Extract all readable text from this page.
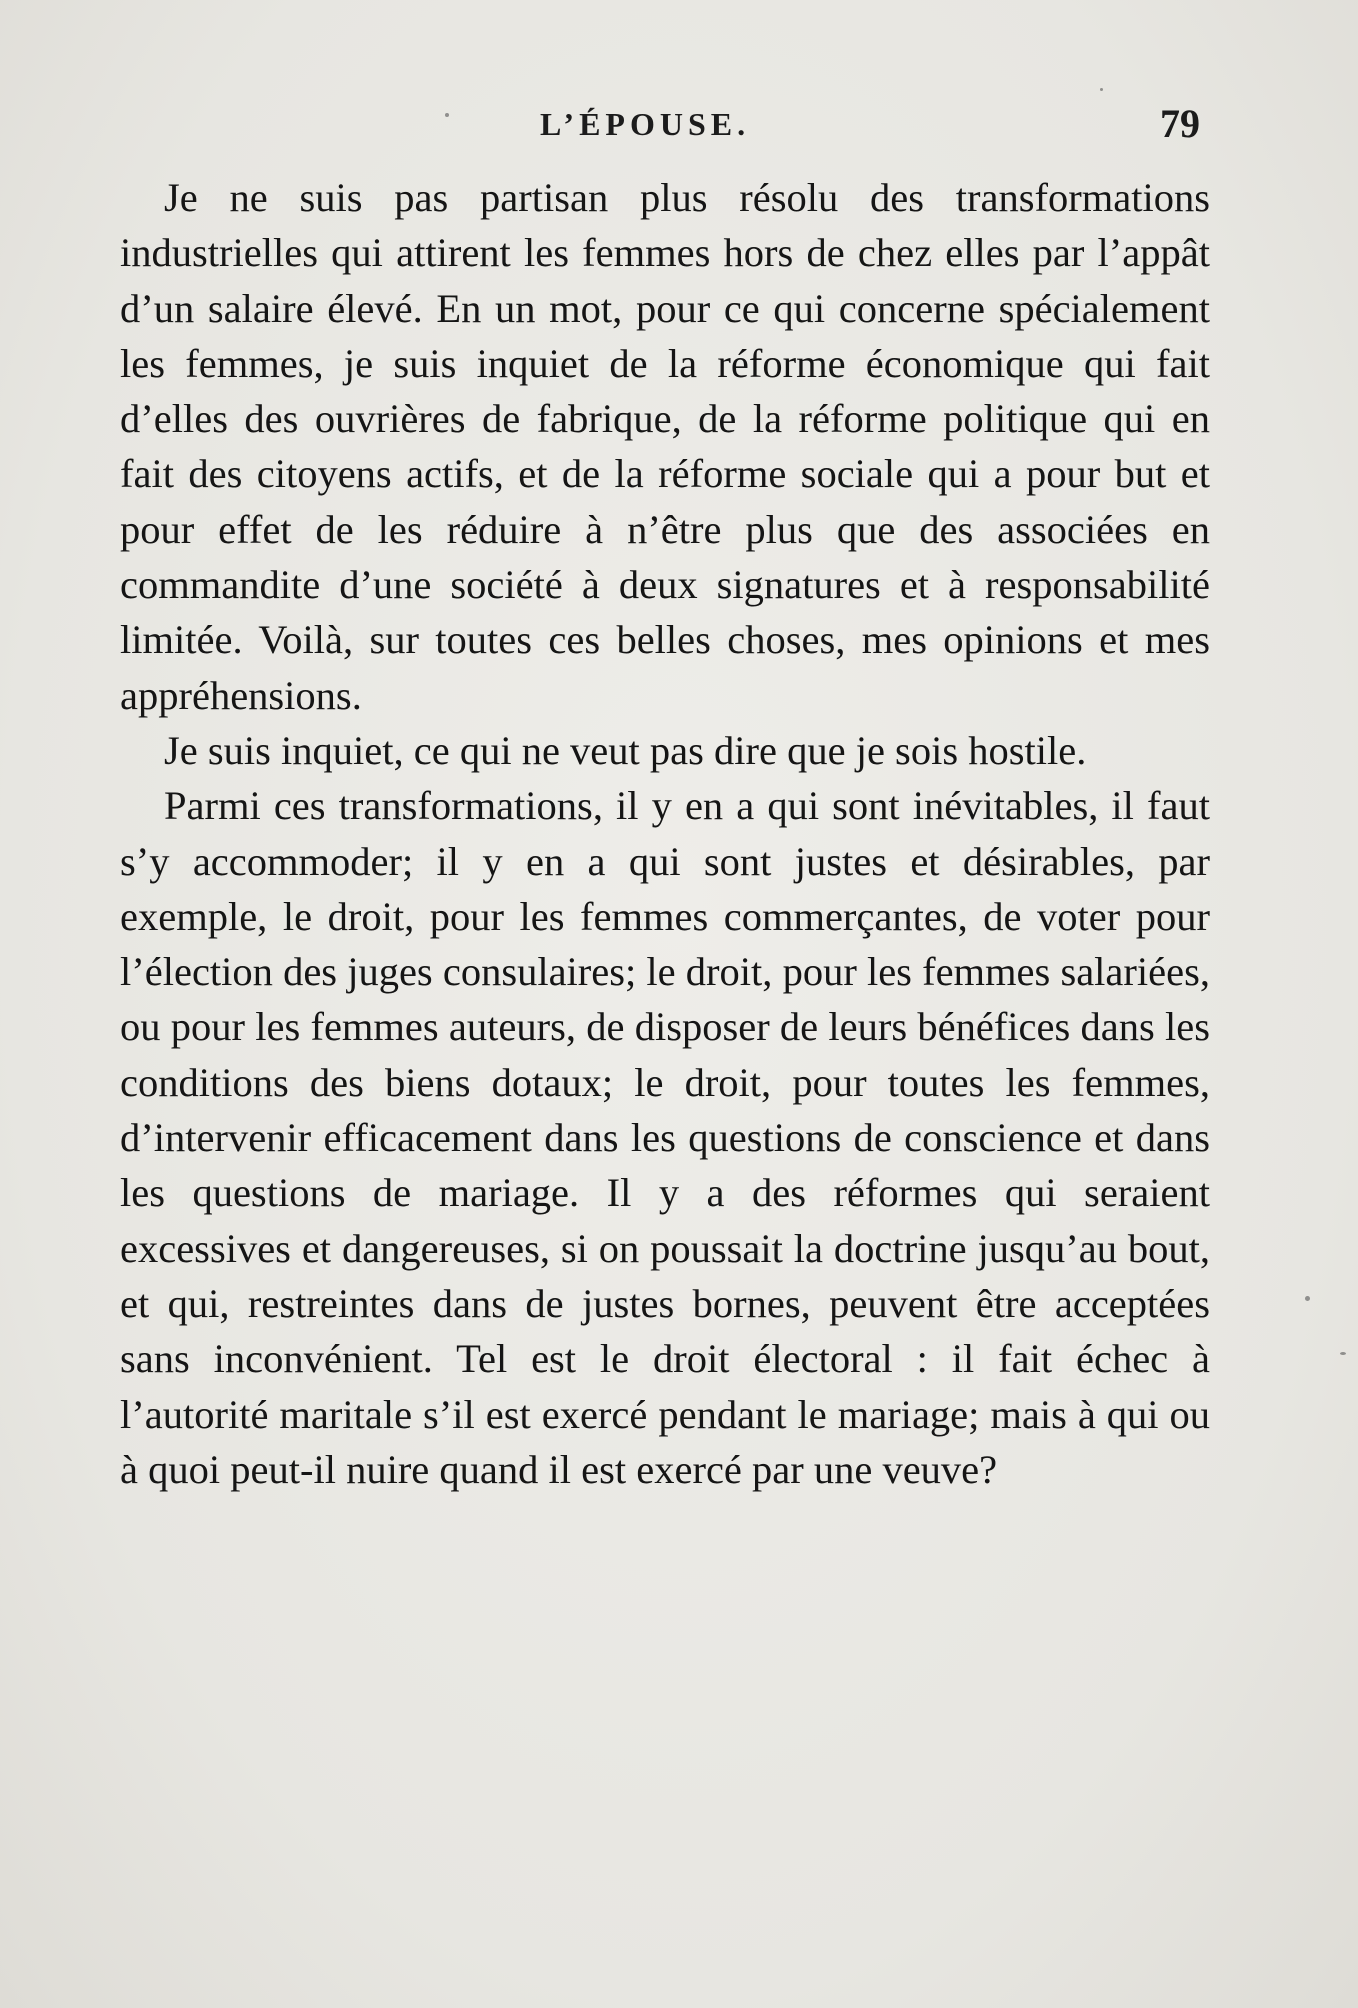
L’ÉPOUSE.	79

Je ne suis pas partisan plus résolu des transformations industrielles qui attirent les femmes hors de chez elles par l’appât d’un salaire élevé. En un mot, pour ce qui concerne spécialement les femmes, je suis inquiet de la réforme économique qui fait d’elles des ouvrières de fabrique, de la réforme politique qui en fait des citoyens actifs, et de la réforme sociale qui a pour but et pour effet de les réduire à n’être plus que des associées en commandite d’une société à deux signatures et à responsabilité limitée. Voilà, sur toutes ces belles choses, mes opinions et mes appréhensions.

Je suis inquiet, ce qui ne veut pas dire que je sois hostile.

Parmi ces transformations, il y en a qui sont inévitables, il faut s’y accommoder; il y en a qui sont justes et désirables, par exemple, le droit, pour les femmes commerçantes, de voter pour l’élection des juges consulaires; le droit, pour les femmes salariées, ou pour les femmes auteurs, de disposer de leurs bénéfices dans les conditions des biens dotaux; le droit, pour toutes les femmes, d’intervenir efficacement dans les questions de conscience et dans les questions de mariage. Il y a des réformes qui seraient excessives et dangereuses, si on poussait la doctrine jusqu’au bout, et qui, restreintes dans de justes bornes, peuvent être acceptées sans inconvénient. Tel est le droit électoral : il fait échec à l’autorité maritale s’il est exercé pendant le mariage; mais à qui ou à quoi peut-il nuire quand il est exercé par une veuve?
